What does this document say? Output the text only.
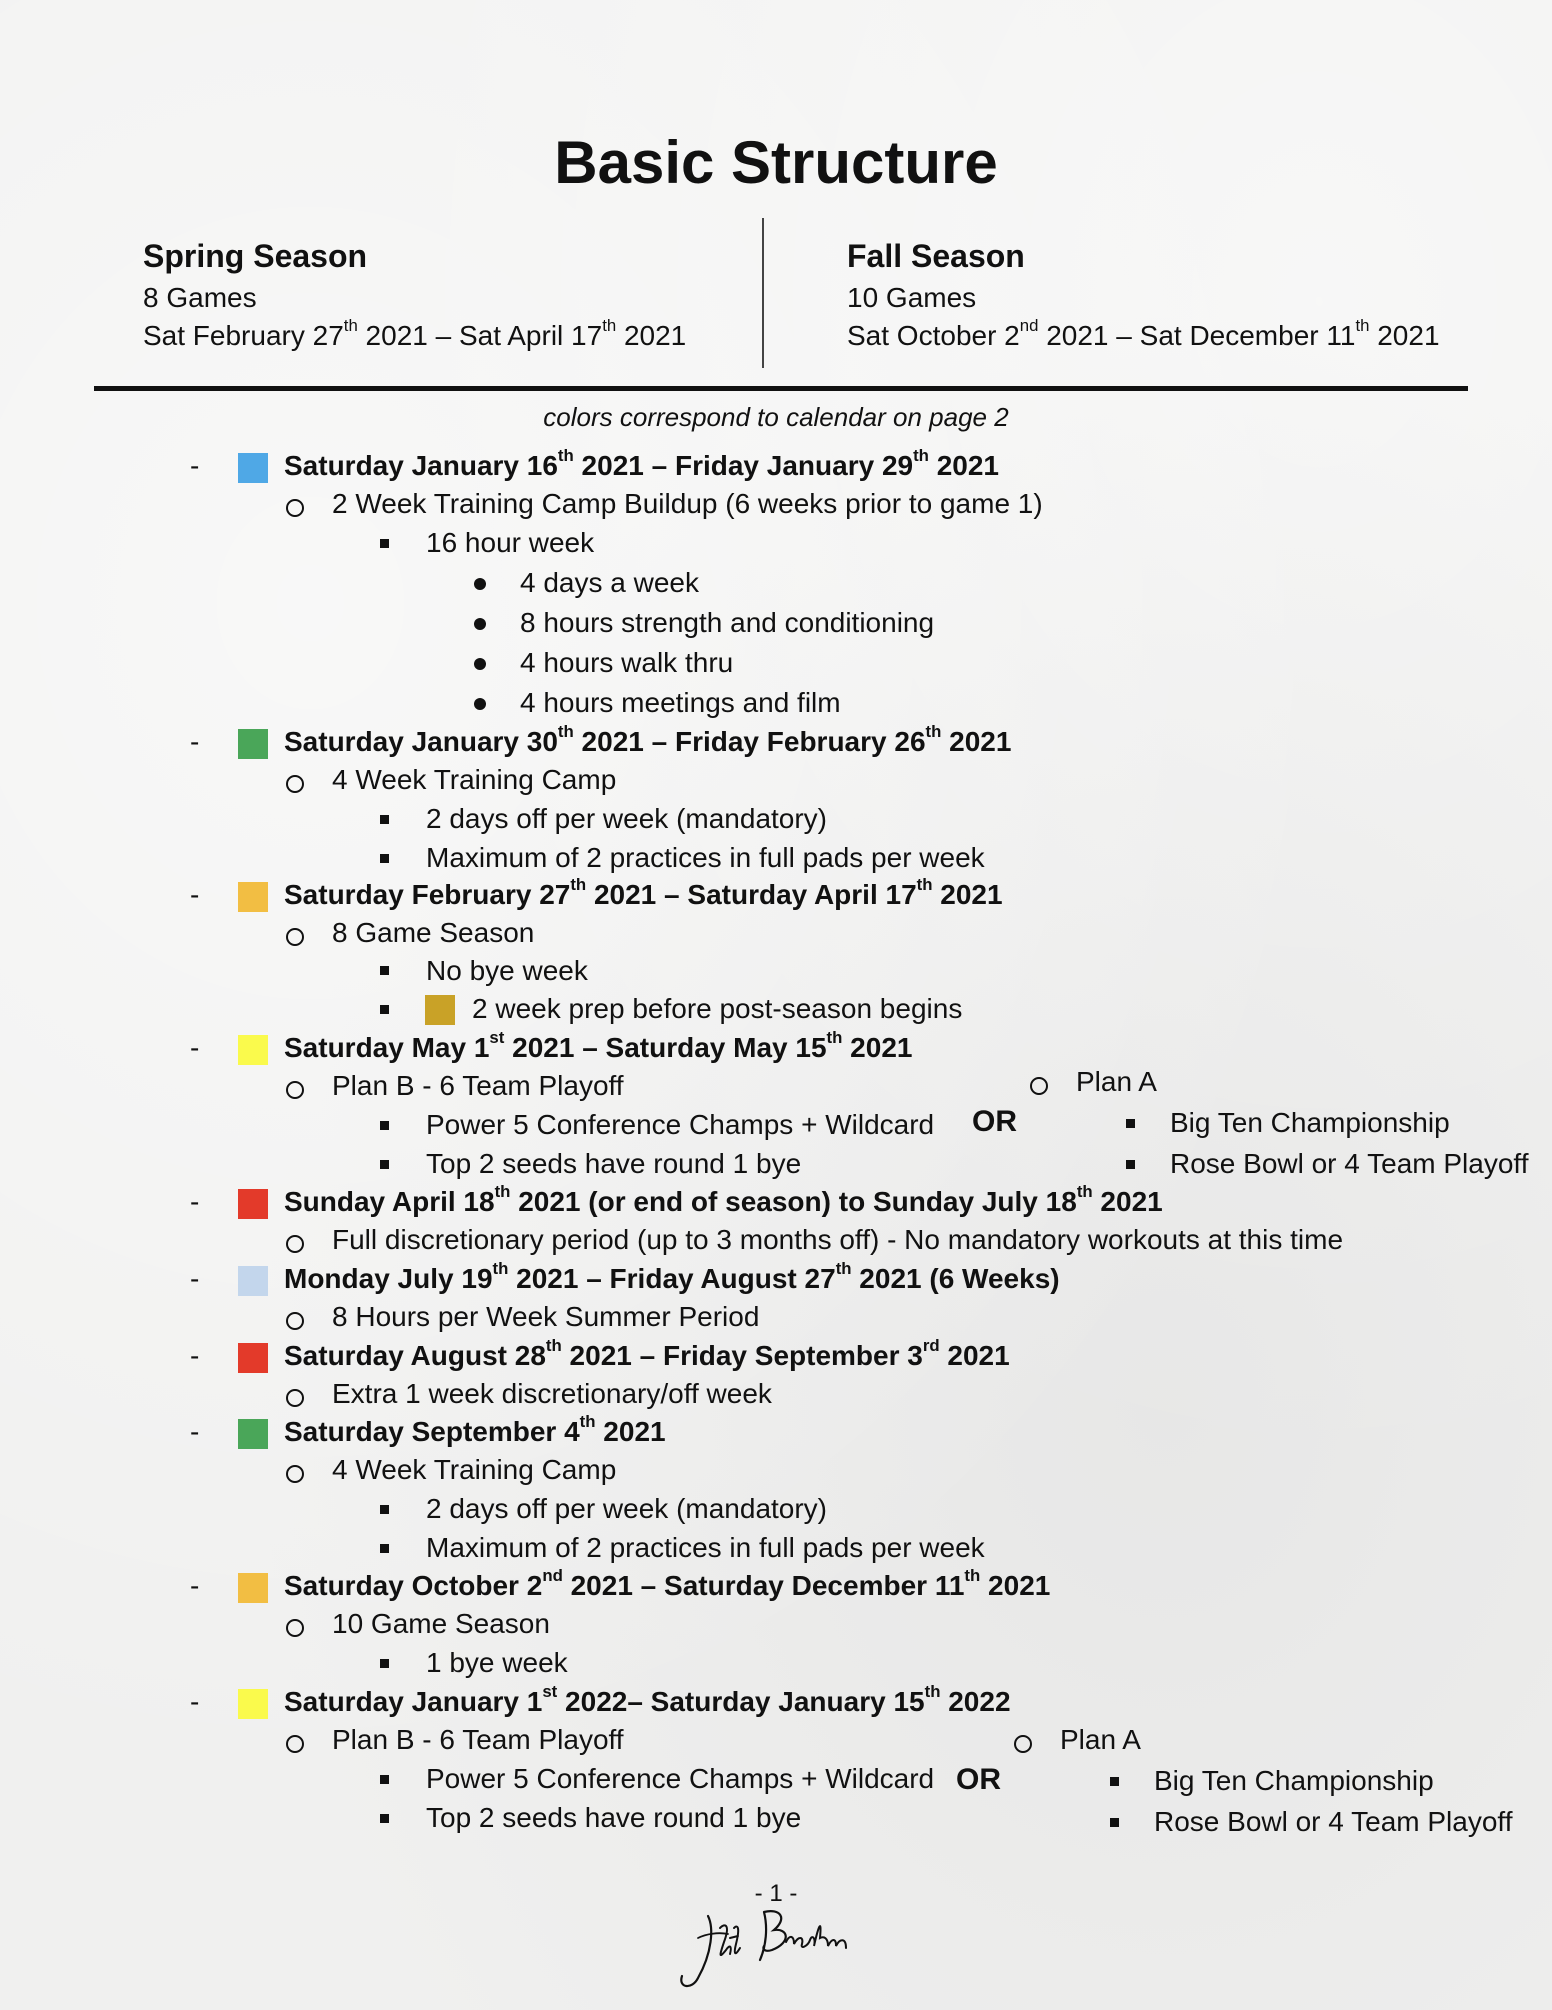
Basic Structure
Spring Season
8 Games
Sat February 27th 2021 – Sat April 17th 2021
Fall Season
10 Games
Sat October 2nd 2021 – Sat December 11th 2021
colors correspond to calendar on page 2
-	Saturday January 16th 2021 – Friday January 29th 2021
2 Week Training Camp Buildup (6 weeks prior to game 1)
16 hour week
4 days a week
8 hours strength and conditioning
4 hours walk thru
4 hours meetings and film
-	Saturday January 30th 2021 – Friday February 26th 2021
4 Week Training Camp
2 days off per week (mandatory)
Maximum of 2 practices in full pads per week
-	Saturday February 27th 2021 – Saturday April 17th 2021
8 Game Season
No bye week
2 week prep before post-season begins
-	Saturday May 1st 2021 – Saturday May 15th 2021
Plan B - 6 Team Playoff
Power 5 Conference Champs + Wildcard
Top 2 seeds have round 1 bye
OR
Plan A
Big Ten Championship
Rose Bowl or 4 Team Playoff
-	Sunday April 18th 2021 (or end of season) to Sunday July 18th 2021
Full discretionary period (up to 3 months off) - No mandatory workouts at this time
-	Monday July 19th 2021 – Friday August 27th 2021 (6 Weeks)
8 Hours per Week Summer Period
-	Saturday August 28th 2021 – Friday September 3rd 2021
Extra 1 week discretionary/off week
-	Saturday September 4th 2021
4 Week Training Camp
2 days off per week (mandatory)
Maximum of 2 practices in full pads per week
-	Saturday October 2nd 2021 – Saturday December 11th 2021
10 Game Season
1 bye week
-	Saturday January 1st 2022– Saturday January 15th 2022
Plan B - 6 Team Playoff
Power 5 Conference Champs + Wildcard
Top 2 seeds have round 1 bye
OR
Plan A
Big Ten Championship
Rose Bowl or 4 Team Playoff
- 1 -
